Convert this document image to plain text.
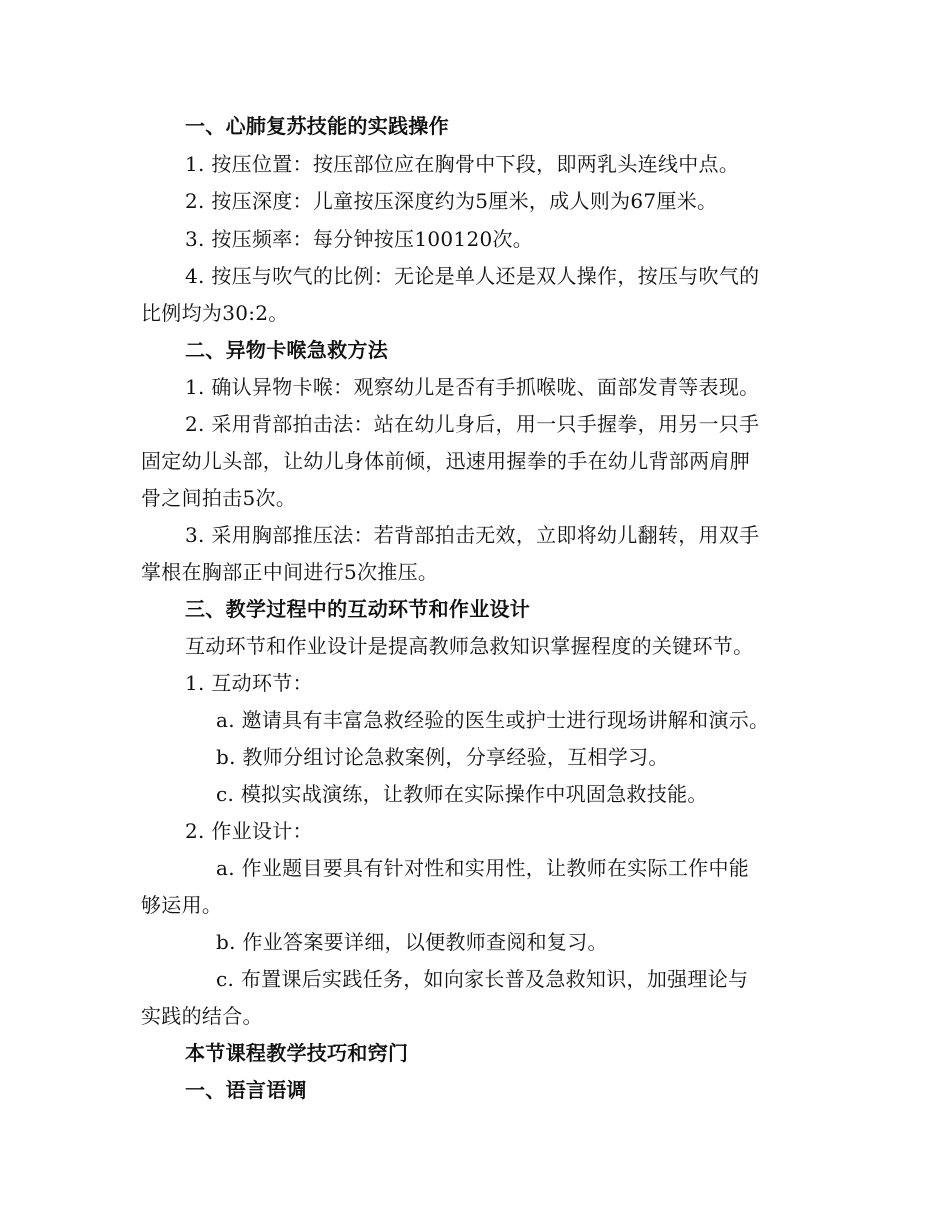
一、心肺复苏技能的实践操作
1. 按压位置：按压部位应在胸骨中下段，即两乳头连线中点。
2. 按压深度：儿童按压深度约为5厘米，成人则为67厘米。
3. 按压频率：每分钟按压100120次。
4. 按压与吹气的比例：无论是单人还是双人操作，按压与吹气的
比例均为30:2。
二、异物卡喉急救方法
1. 确认异物卡喉：观察幼儿是否有手抓喉咙、面部发青等表现。
2. 采用背部拍击法：站在幼儿身后，用一只手握拳，用另一只手
固定幼儿头部，让幼儿身体前倾，迅速用握拳的手在幼儿背部两肩胛
骨之间拍击5次。
3. 采用胸部推压法：若背部拍击无效，立即将幼儿翻转，用双手
掌根在胸部正中间进行5次推压。
三、教学过程中的互动环节和作业设计
互动环节和作业设计是提高教师急救知识掌握程度的关键环节。
1. 互动环节：
a. 邀请具有丰富急救经验的医生或护士进行现场讲解和演示。
b. 教师分组讨论急救案例，分享经验，互相学习。
c. 模拟实战演练，让教师在实际操作中巩固急救技能。
2. 作业设计：
a. 作业题目要具有针对性和实用性，让教师在实际工作中能
够运用。
b. 作业答案要详细，以便教师查阅和复习。
c. 布置课后实践任务，如向家长普及急救知识，加强理论与
实践的结合。
本节课程教学技巧和窍门
一、语言语调
